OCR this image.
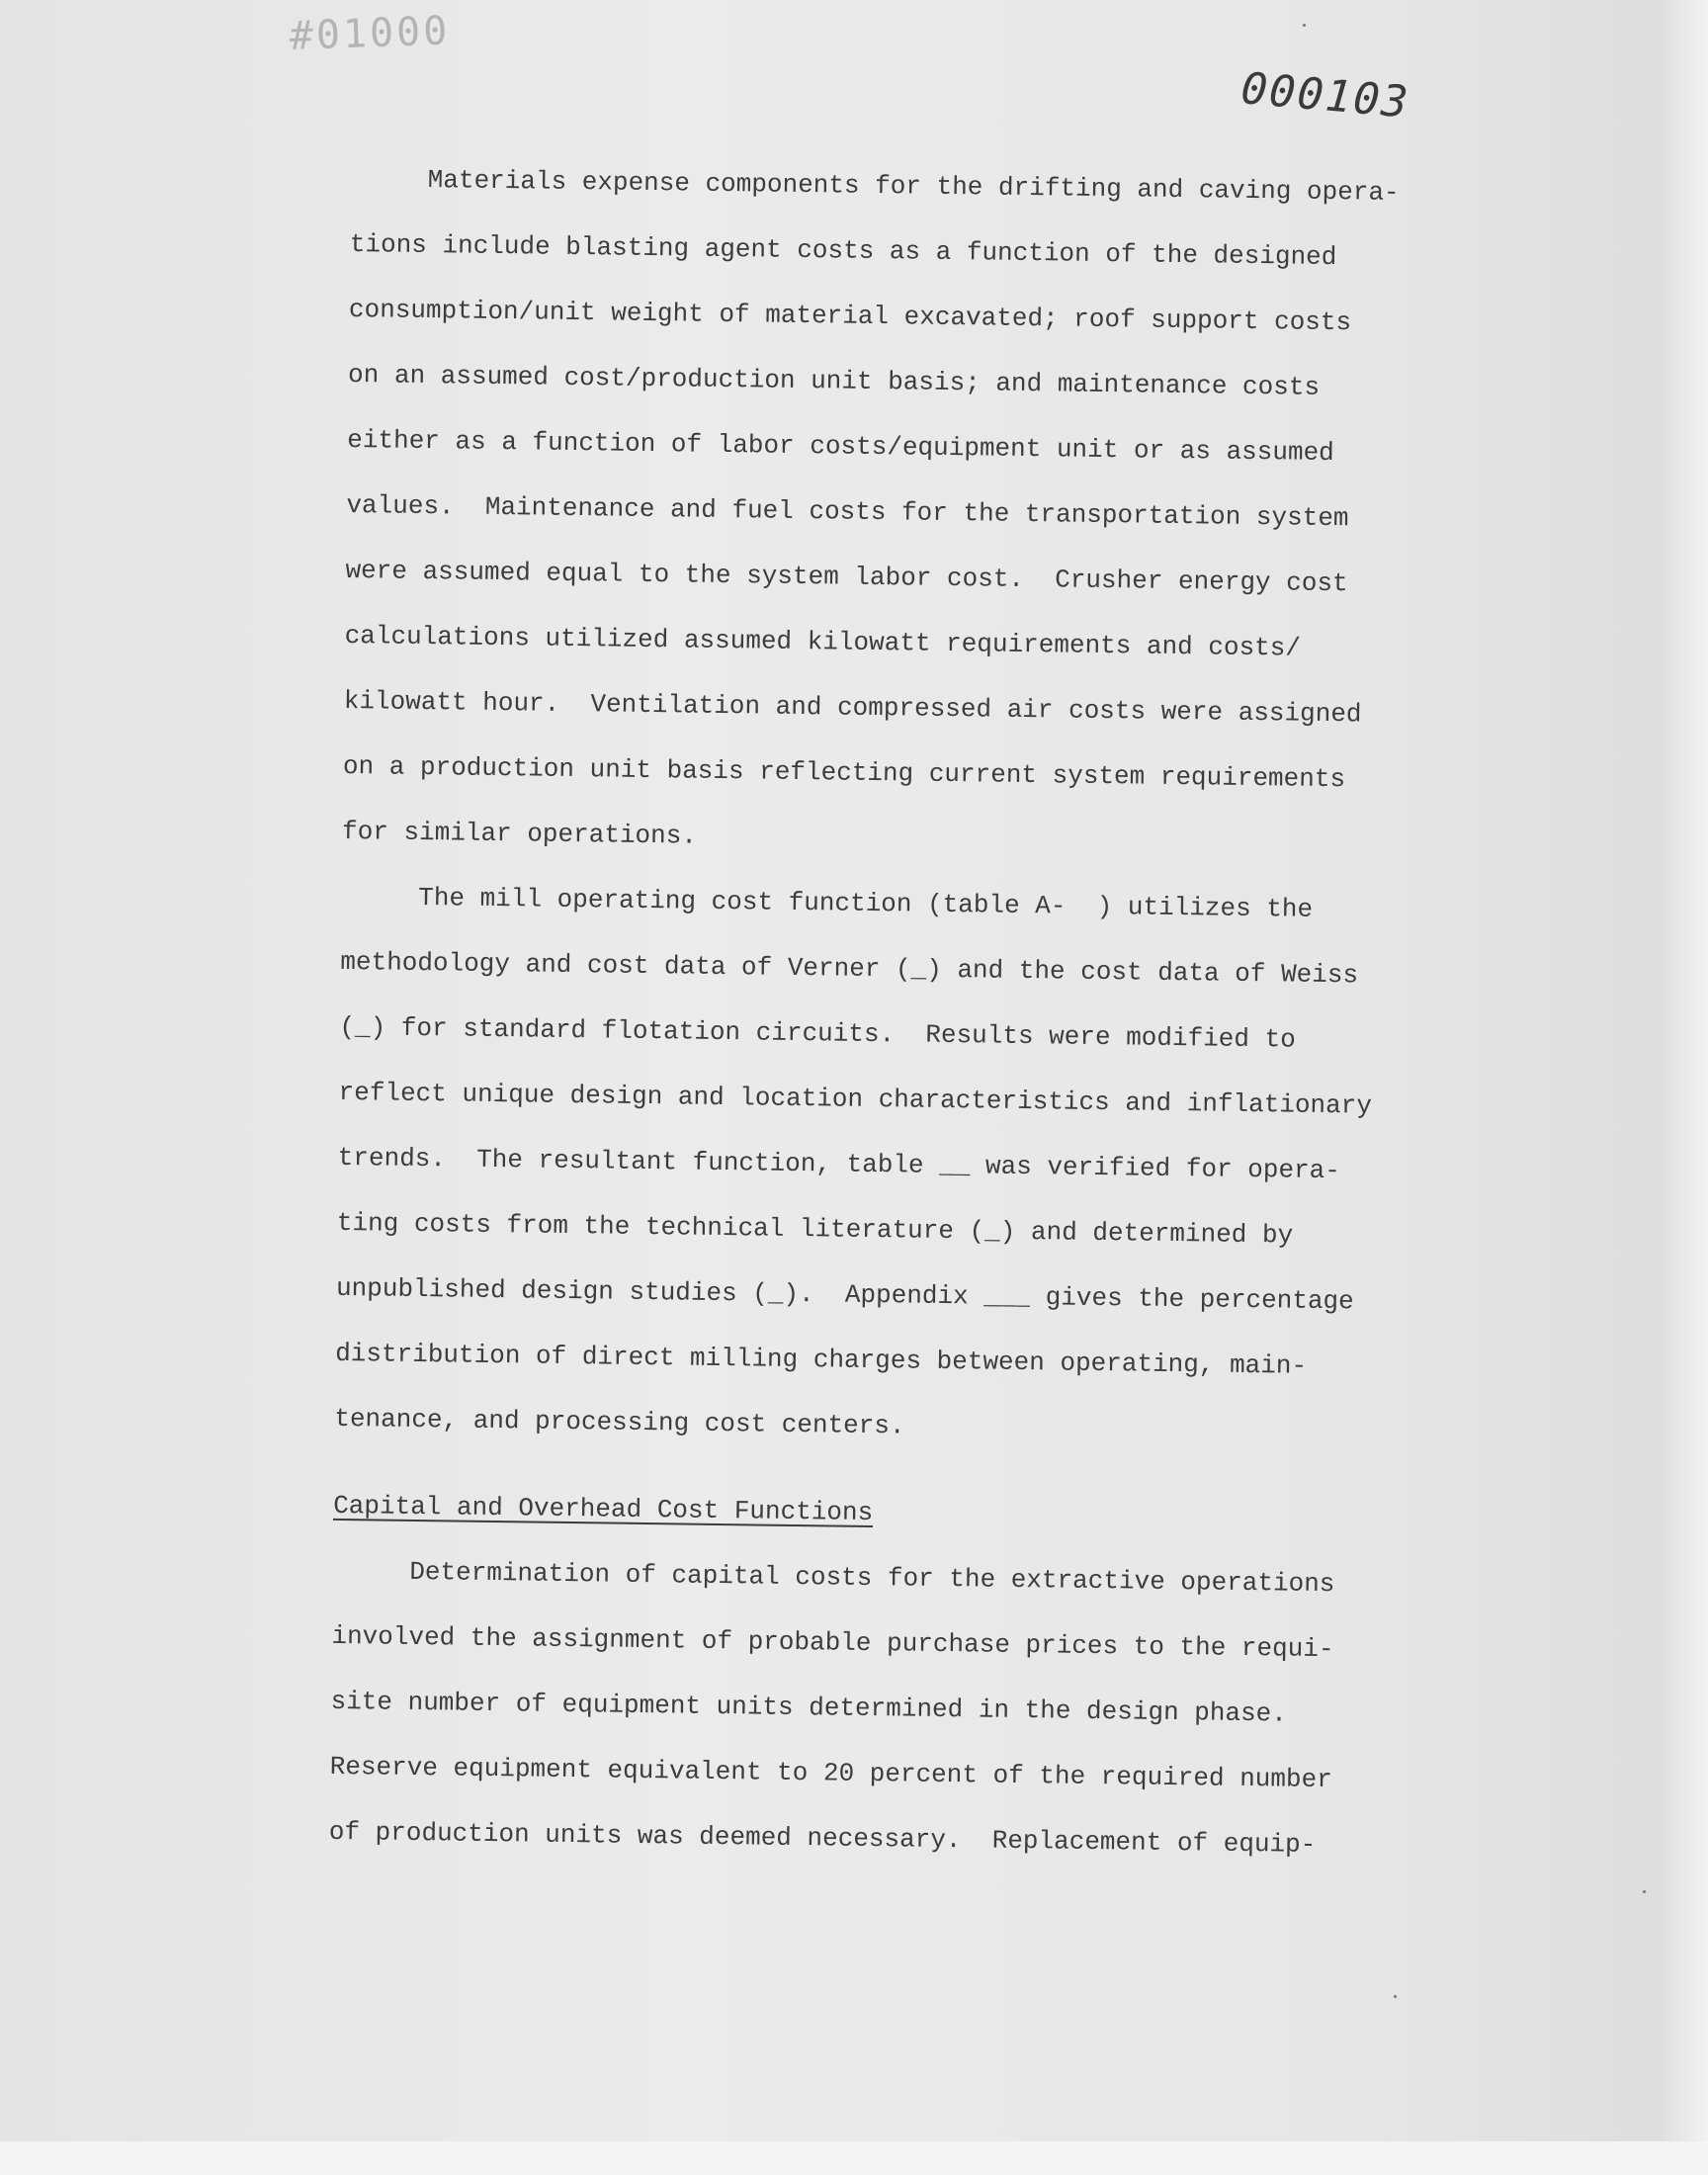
#01000
000103
Materials expense components for the drifting and caving opera-
tions include blasting agent costs as a function of the designed
consumption/unit weight of material excavated; roof support costs
on an assumed cost/production unit basis; and maintenance costs
either as a function of labor costs/equipment unit or as assumed
values.  Maintenance and fuel costs for the transportation system
were assumed equal to the system labor cost.  Crusher energy cost
calculations utilized assumed kilowatt requirements and costs/
kilowatt hour.  Ventilation and compressed air costs were assigned
on a production unit basis reflecting current system requirements
for similar operations.
The mill operating cost function (table A-  ) utilizes the
methodology and cost data of Verner (_) and the cost data of Weiss
(_) for standard flotation circuits.  Results were modified to
reflect unique design and location characteristics and inflationary
trends.  The resultant function, table __ was verified for opera-
ting costs from the technical literature (_) and determined by
unpublished design studies (_).  Appendix ___ gives the percentage
distribution of direct milling charges between operating, main-
tenance, and processing cost centers.
Capital and Overhead Cost Functions
Determination of capital costs for the extractive operations
involved the assignment of probable purchase prices to the requi-
site number of equipment units determined in the design phase.
Reserve equipment equivalent to 20 percent of the required number
of production units was deemed necessary.  Replacement of equip-
